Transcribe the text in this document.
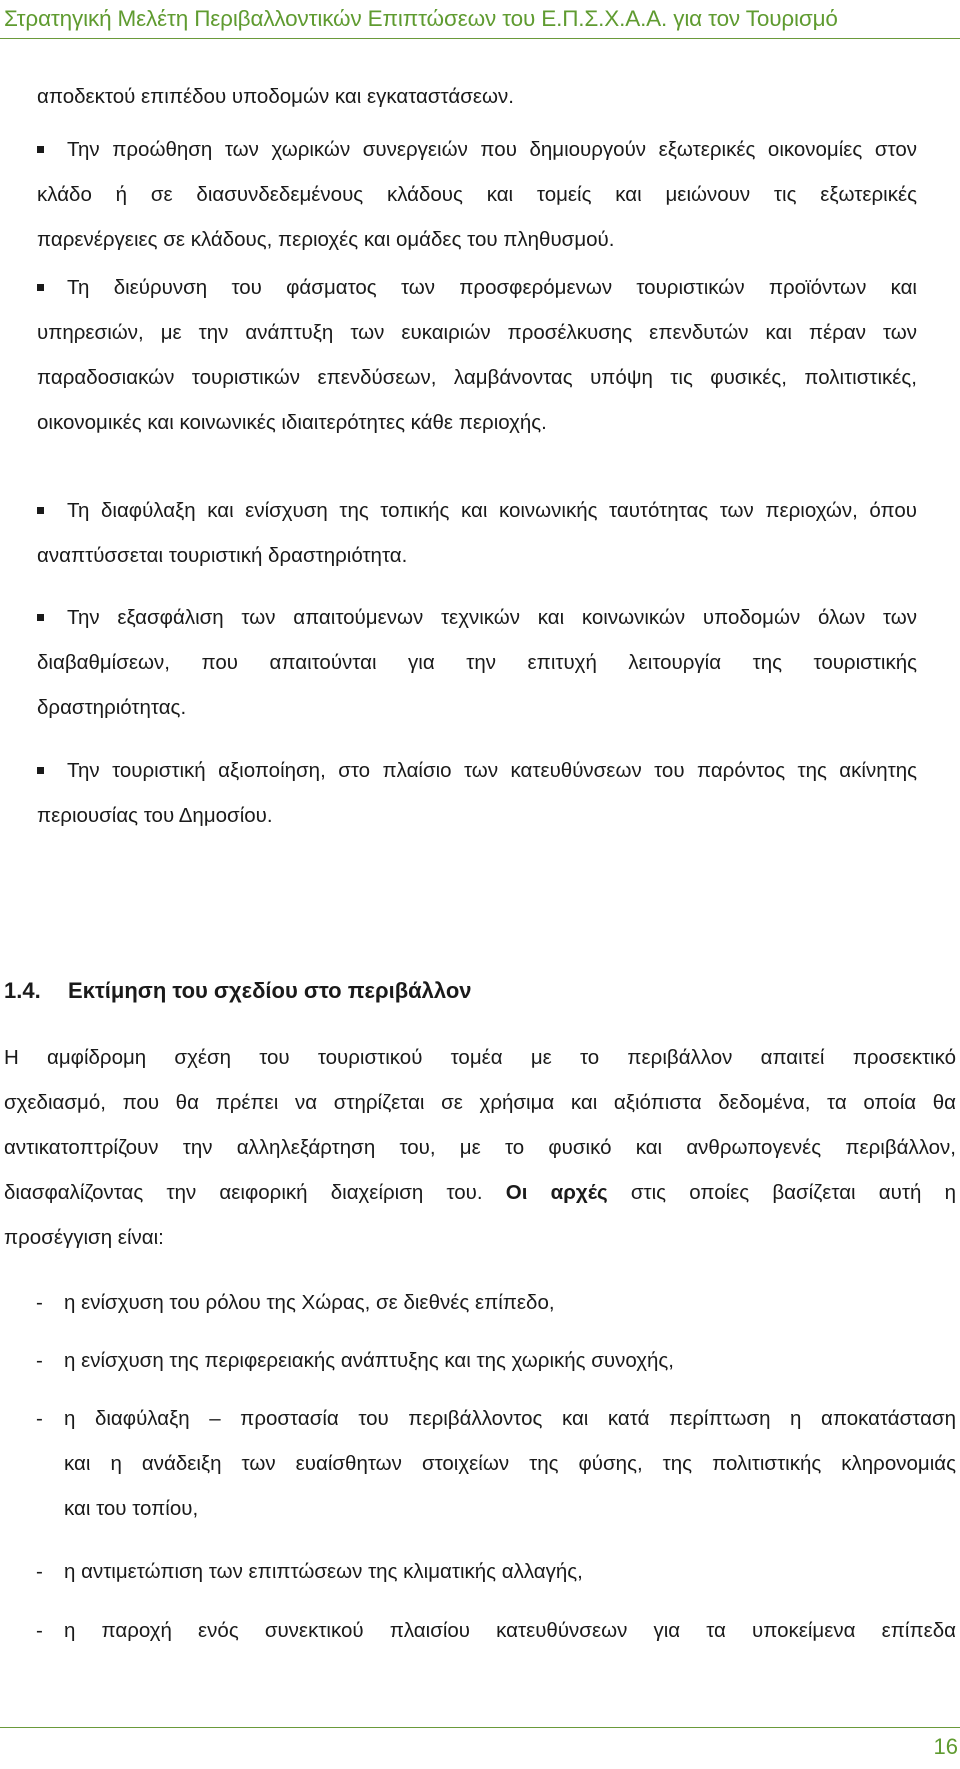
Στρατηγική Μελέτη Περιβαλλοντικών Επιπτώσεων του Ε.Π.Σ.Χ.Α.Α. για τον Τουρισμό
αποδεκτού επιπέδου υποδομών και εγκαταστάσεων.
Την προώθηση των χωρικών συνεργειών που δημιουργούν εξωτερικές οικονομίες στον
κλάδο ή σε διασυνδεδεμένους κλάδους και τομείς και μειώνουν τις εξωτερικές
παρενέργειες σε κλάδους, περιοχές και ομάδες του πληθυσμού.
Τη διεύρυνση του φάσματος των προσφερόμενων τουριστικών προϊόντων και
υπηρεσιών, με την ανάπτυξη των ευκαιριών προσέλκυσης επενδυτών και πέραν των
παραδοσιακών τουριστικών επενδύσεων, λαμβάνοντας υπόψη τις φυσικές, πολιτιστικές,
οικονομικές και κοινωνικές ιδιαιτερότητες κάθε περιοχής.
Τη διαφύλαξη και ενίσχυση της τοπικής και κοινωνικής ταυτότητας των περιοχών, όπου
αναπτύσσεται τουριστική δραστηριότητα.
Την εξασφάλιση των απαιτούμενων τεχνικών και κοινωνικών υποδομών όλων των
διαβαθμίσεων, που απαιτούνται για την επιτυχή λειτουργία της τουριστικής
δραστηριότητας.
Την τουριστική αξιοποίηση, στο πλαίσιο των κατευθύνσεων του παρόντος της ακίνητης
περιουσίας του Δημοσίου.
1.4. Εκτίμηση του σχεδίου στο περιβάλλον
Η αμφίδρομη σχέση του τουριστικού τομέα με το περιβάλλον απαιτεί προσεκτικό
σχεδιασμό, που θα πρέπει να στηρίζεται σε χρήσιμα και αξιόπιστα δεδομένα, τα οποία θα
αντικατοπτρίζουν την αλληλεξάρτηση του, με το φυσικό και ανθρωπογενές περιβάλλον,
διασφαλίζοντας την αειφορική διαχείριση του. Οι αρχές στις οποίες βασίζεται αυτή η
προσέγγιση είναι:
- η ενίσχυση του ρόλου της Χώρας, σε διεθνές επίπεδο,
- η ενίσχυση της περιφερειακής ανάπτυξης και της χωρικής συνοχής,
- η διαφύλαξη – προστασία του περιβάλλοντος και κατά περίπτωση η αποκατάσταση
και η ανάδειξη των ευαίσθητων στοιχείων της φύσης, της πολιτιστικής κληρονομιάς
και του τοπίου,
- η αντιμετώπιση των επιπτώσεων της κλιματικής αλλαγής,
- η παροχή ενός συνεκτικού πλαισίου κατευθύνσεων για τα υποκείμενα επίπεδα
16
